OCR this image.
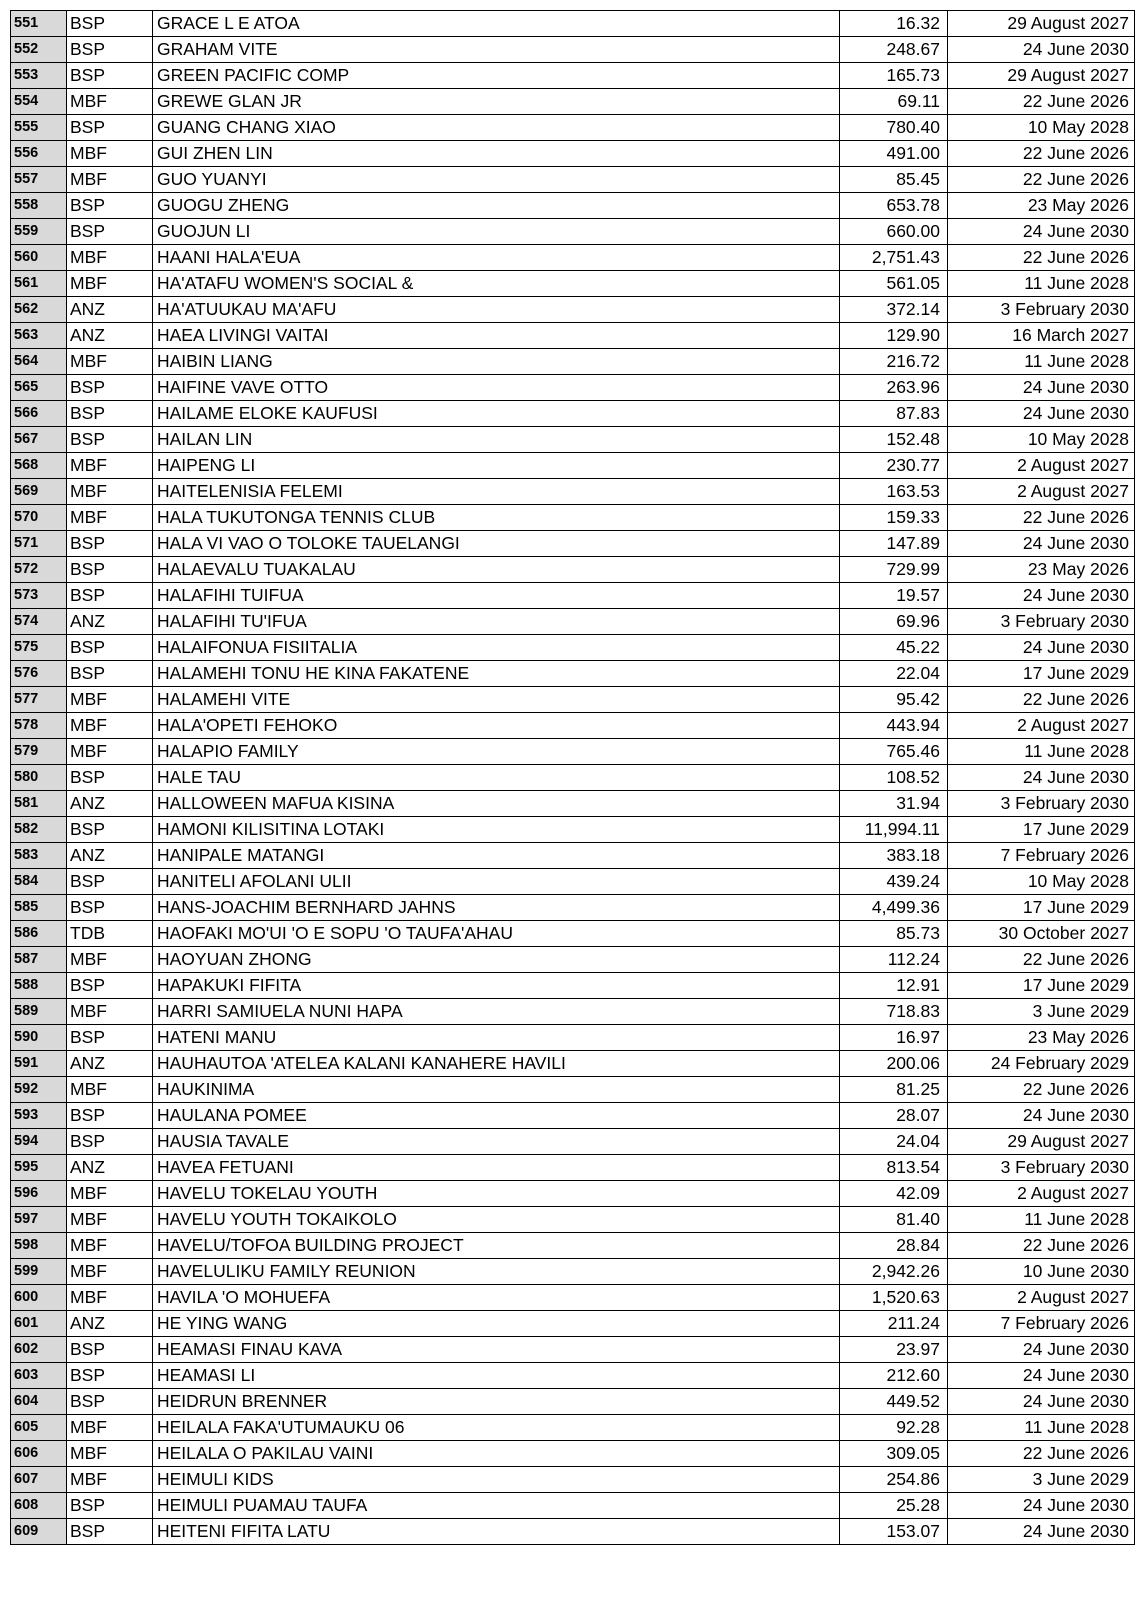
551	BSP	GRACE L E ATOA	16.32	29 August 2027
552	BSP	GRAHAM VITE	248.67	24 June 2030
553	BSP	GREEN PACIFIC COMP	165.73	29 August 2027
554	MBF	GREWE GLAN JR	69.11	22 June 2026
555	BSP	GUANG CHANG XIAO	780.40	10 May 2028
556	MBF	GUI ZHEN LIN	491.00	22 June 2026
557	MBF	GUO YUANYI	85.45	22 June 2026
558	BSP	GUOGU ZHENG	653.78	23 May 2026
559	BSP	GUOJUN LI	660.00	24 June 2030
560	MBF	HAANI HALA'EUA	2,751.43	22 June 2026
561	MBF	HA'ATAFU WOMEN'S SOCIAL &	561.05	11 June 2028
562	ANZ	HA'ATUUKAU MA'AFU	372.14	3 February 2030
563	ANZ	HAEA LIVINGI VAITAI	129.90	16 March 2027
564	MBF	HAIBIN LIANG	216.72	11 June 2028
565	BSP	HAIFINE VAVE OTTO	263.96	24 June 2030
566	BSP	HAILAME ELOKE KAUFUSI	87.83	24 June 2030
567	BSP	HAILAN LIN	152.48	10 May 2028
568	MBF	HAIPENG LI	230.77	2 August 2027
569	MBF	HAITELENISIA FELEMI	163.53	2 August 2027
570	MBF	HALA TUKUTONGA TENNIS CLUB	159.33	22 June 2026
571	BSP	HALA VI VAO O TOLOKE TAUELANGI	147.89	24 June 2030
572	BSP	HALAEVALU TUAKALAU	729.99	23 May 2026
573	BSP	HALAFIHI TUIFUA	19.57	24 June 2030
574	ANZ	HALAFIHI TU'IFUA	69.96	3 February 2030
575	BSP	HALAIFONUA FISIITALIA	45.22	24 June 2030
576	BSP	HALAMEHI TONU HE KINA FAKATENE	22.04	17 June 2029
577	MBF	HALAMEHI VITE	95.42	22 June 2026
578	MBF	HALA'OPETI FEHOKO	443.94	2 August 2027
579	MBF	HALAPIO FAMILY	765.46	11 June 2028
580	BSP	HALE TAU	108.52	24 June 2030
581	ANZ	HALLOWEEN MAFUA KISINA	31.94	3 February 2030
582	BSP	HAMONI KILISITINA LOTAKI	11,994.11	17 June 2029
583	ANZ	HANIPALE MATANGI	383.18	7 February 2026
584	BSP	HANITELI AFOLANI ULII	439.24	10 May 2028
585	BSP	HANS-JOACHIM BERNHARD JAHNS	4,499.36	17 June 2029
586	TDB	HAOFAKI MO'UI 'O E SOPU 'O TAUFA'AHAU	85.73	30 October 2027
587	MBF	HAOYUAN ZHONG	112.24	22 June 2026
588	BSP	HAPAKUKI FIFITA	12.91	17 June 2029
589	MBF	HARRI SAMIUELA NUNI HAPA	718.83	3 June 2029
590	BSP	HATENI MANU	16.97	23 May 2026
591	ANZ	HAUHAUTOA 'ATELEA KALANI KANAHERE HAVILI	200.06	24 February 2029
592	MBF	HAUKINIMA	81.25	22 June 2026
593	BSP	HAULANA POMEE	28.07	24 June 2030
594	BSP	HAUSIA TAVALE	24.04	29 August 2027
595	ANZ	HAVEA FETUANI	813.54	3 February 2030
596	MBF	HAVELU TOKELAU YOUTH	42.09	2 August 2027
597	MBF	HAVELU YOUTH TOKAIKOLO	81.40	11 June 2028
598	MBF	HAVELU/TOFOA BUILDING PROJECT	28.84	22 June 2026
599	MBF	HAVELULIKU FAMILY REUNION	2,942.26	10 June 2030
600	MBF	HAVILA 'O MOHUEFA	1,520.63	2 August 2027
601	ANZ	HE YING WANG	211.24	7 February 2026
602	BSP	HEAMASI FINAU KAVA	23.97	24 June 2030
603	BSP	HEAMASI LI	212.60	24 June 2030
604	BSP	HEIDRUN BRENNER	449.52	24 June 2030
605	MBF	HEILALA FAKA'UTUMAUKU 06	92.28	11 June 2028
606	MBF	HEILALA O PAKILAU VAINI	309.05	22 June 2026
607	MBF	HEIMULI KIDS	254.86	3 June 2029
608	BSP	HEIMULI PUAMAU TAUFA	25.28	24 June 2030
609	BSP	HEITENI FIFITA LATU	153.07	24 June 2030
